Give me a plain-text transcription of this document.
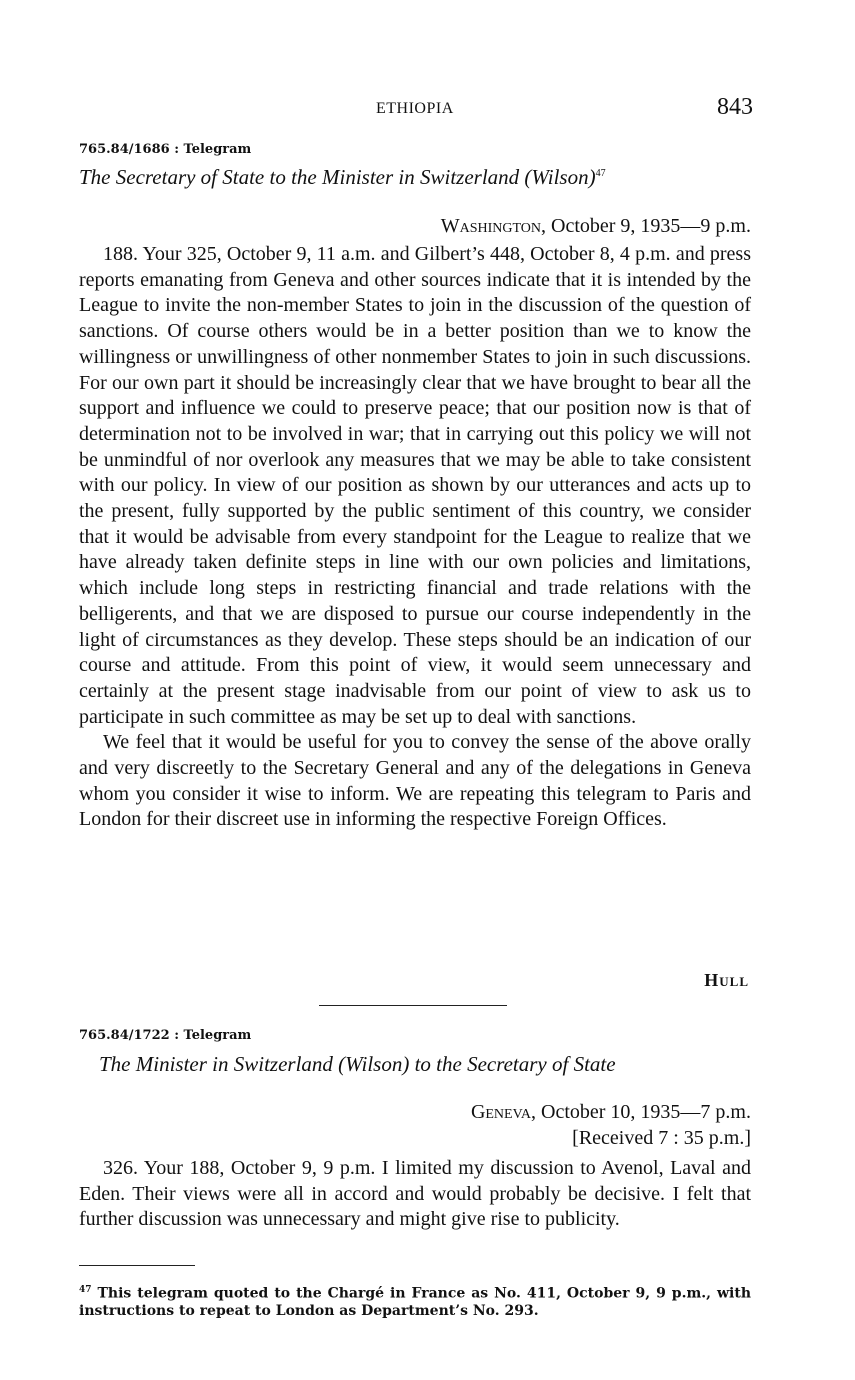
ETHIOPIA	843
765.84/1686 : Telegram
The Secretary of State to the Minister in Switzerland (Wilson)$^{47}$
Washington, October 9, 1935—9 p.m.

188. Your 325, October 9, 11 a.m. and Gilbert’s 448, October 8, 4 p.m. and press reports emanating from Geneva and other sources indicate that it is intended by the League to invite the non-member States to join in the discussion of the question of sanctions. Of course others would be in a better position than we to know the willingness or unwillingness of other nonmember States to join in such discussions. For our own part it should be increasingly clear that we have brought to bear all the support and influence we could to preserve peace; that our position now is that of determination not to be involved in war; that in carrying out this policy we will not be unmindful of nor overlook any measures that we may be able to take consistent with our policy. In view of our position as shown by our utterances and acts up to the present, fully supported by the public sentiment of this country, we consider that it would be advisable from every standpoint for the League to realize that we have already taken definite steps in line with our own policies and limitations, which include long steps in restricting financial and trade relations with the belligerents, and that we are disposed to pursue our course independently in the light of circumstances as they develop. These steps should be an indication of our course and attitude. From this point of view, it would seem unnecessary and certainly at the present stage inadvisable from our point of view to ask us to participate in such committee as may be set up to deal with sanctions.

We feel that it would be useful for you to convey the sense of the above orally and very discreetly to the Secretary General and any of the delegations in Geneva whom you consider it wise to inform. We are repeating this telegram to Paris and London for their discreet use in informing the respective Foreign Offices.

Hull
765.84/1722 : Telegram
The Minister in Switzerland (Wilson) to the Secretary of State
Geneva, October 10, 1935—7 p.m.
[Received 7 : 35 p.m.]

326. Your 188, October 9, 9 p.m. I limited my discussion to Avenol, Laval and Eden. Their views were all in accord and would probably be decisive. I felt that further discussion was unnecessary and might give rise to publicity.

$^{47}$ This telegram quoted to the Chargé in France as No. 411, October 9, 9 p.m., with instructions to repeat to London as Department’s No. 293.
